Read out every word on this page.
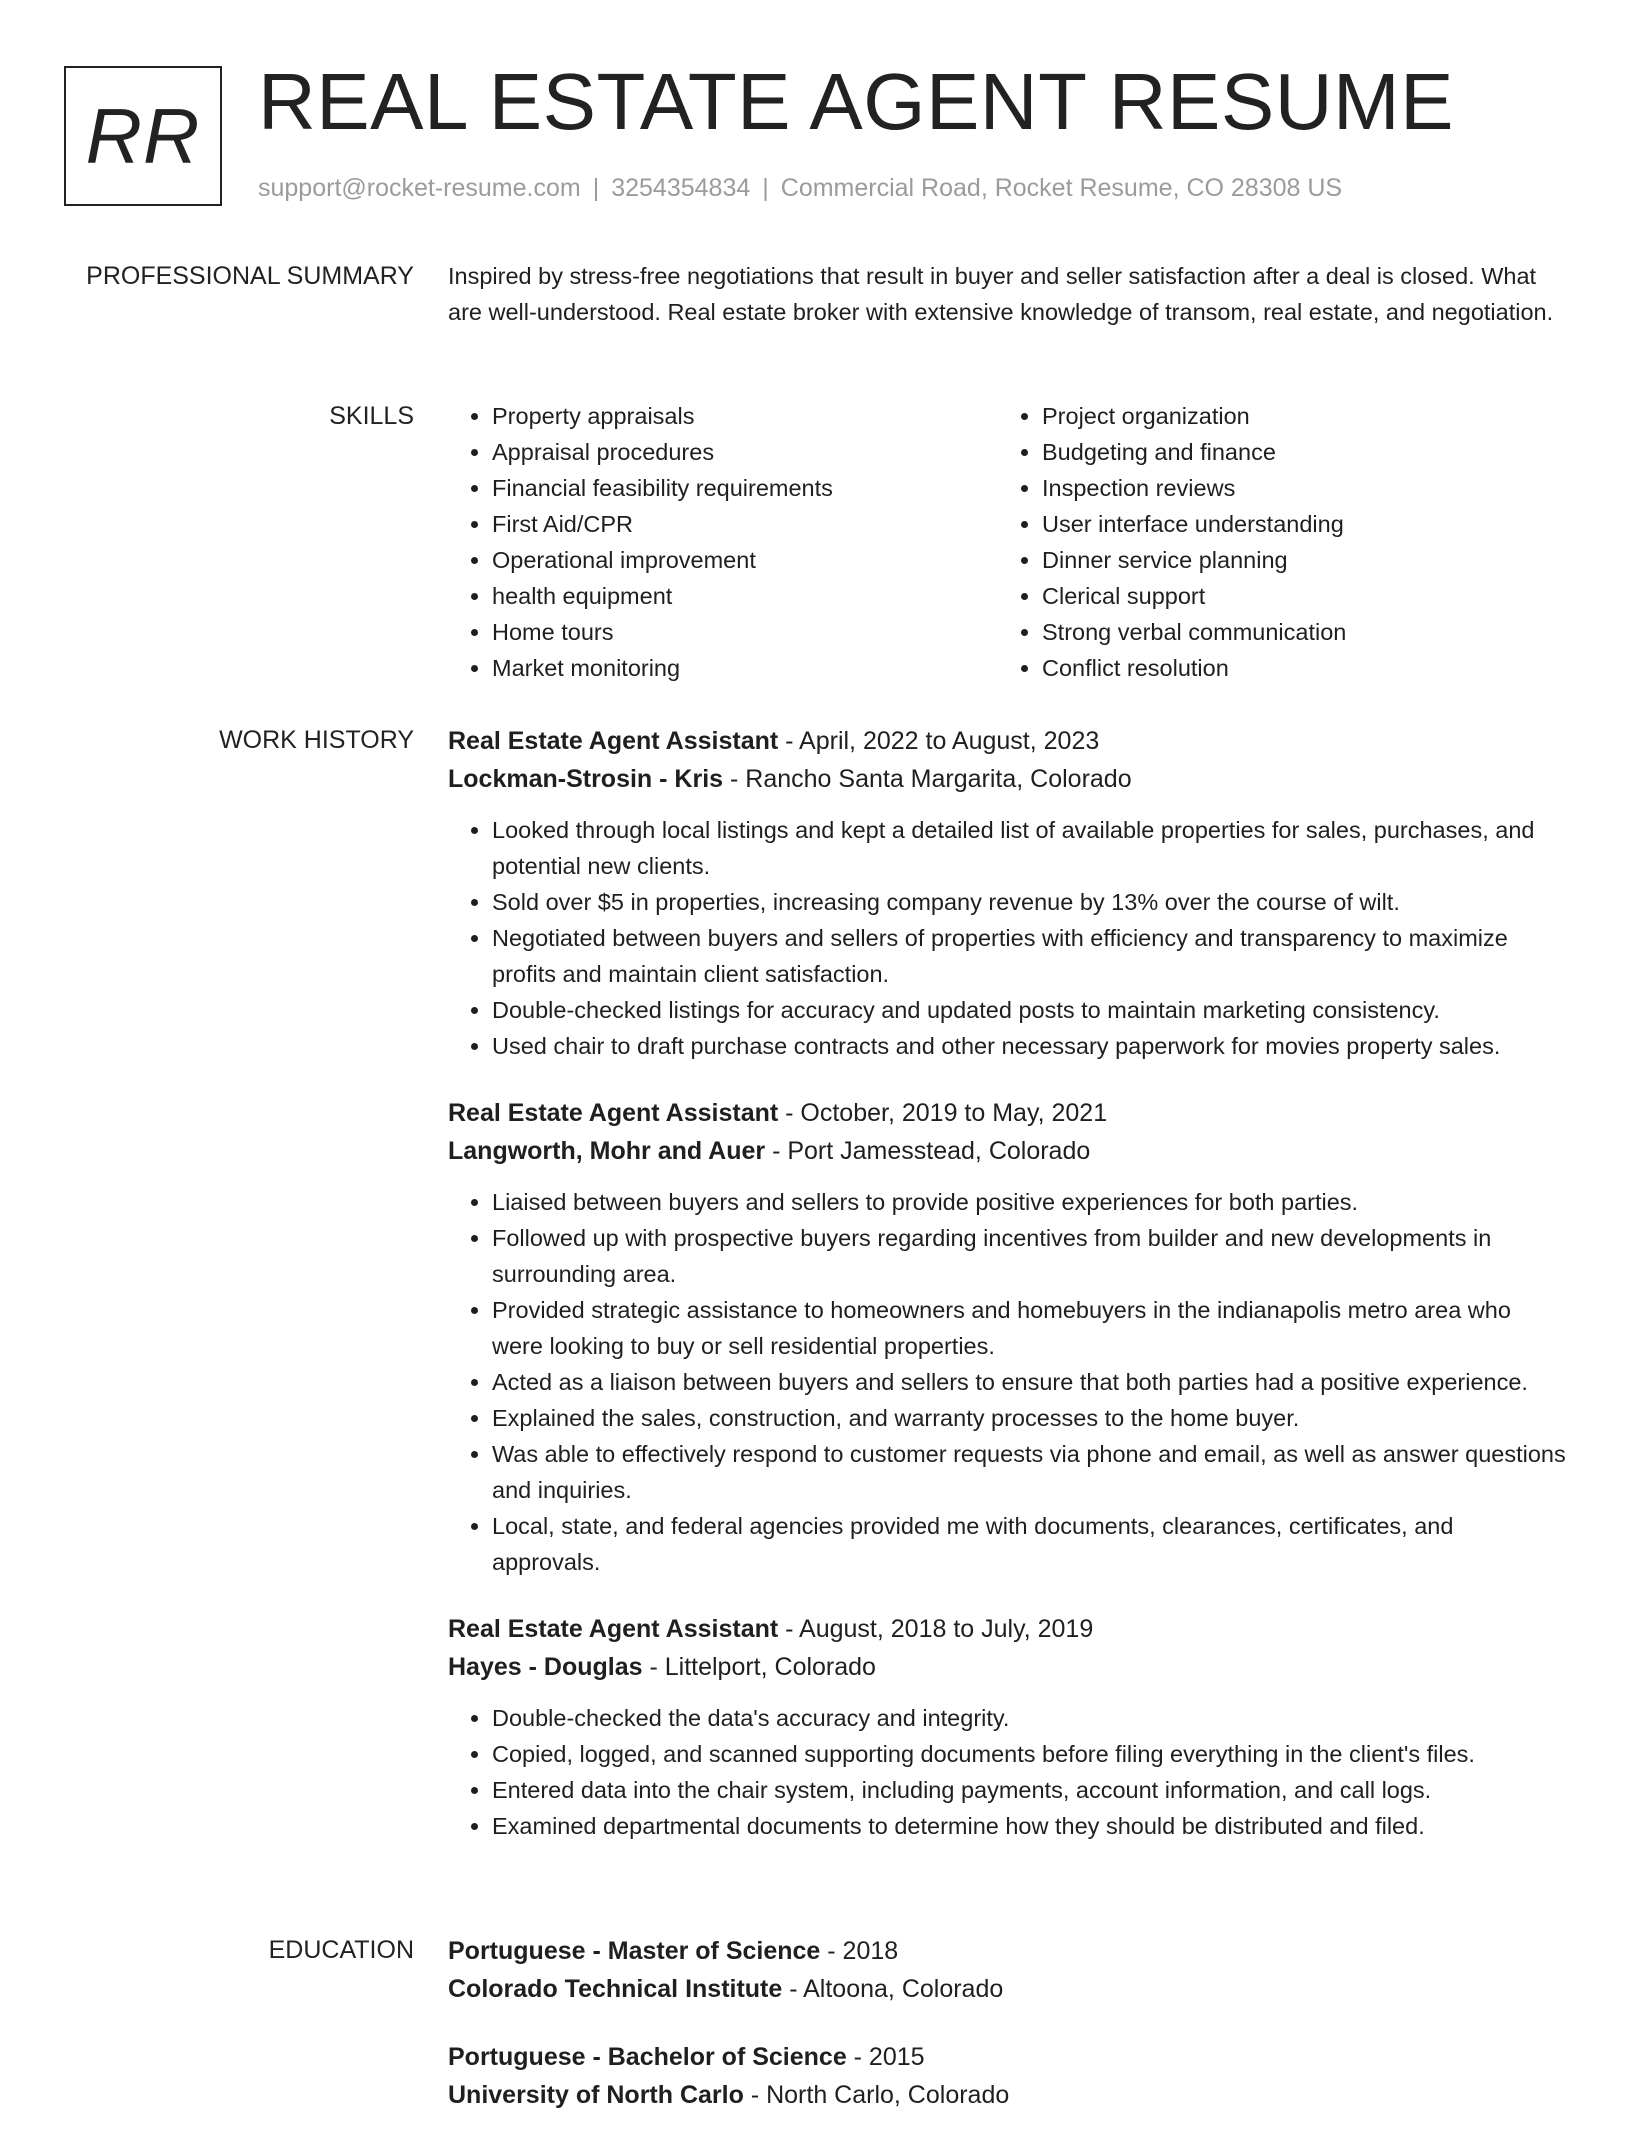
RR REAL ESTATE AGENT RESUME
support@rocket-resume.com | 3254354834 | Commercial Road, Rocket Resume, CO 28308 US
PROFESSIONAL SUMMARY Inspired by stress-free negotiations that result in buyer and seller satisfaction after a deal is closed. What are well-understood. Real estate broker with extensive knowledge of transom, real estate, and negotiation.

SKILLS
•	Property appraisals
• Appraisal procedures
• Financial feasibility requirements
• First Aid/CPR
• Operational improvement
• health equipment
• Home tours
• Market monitoring
• Project organization
• Budgeting and finance
• Inspection reviews
• User interface understanding
• Dinner service planning
• Clerical support
• Strong verbal communication
• Conflict resolution
WORK HISTORY Real Estate Agent Assistant - April, 2022 to August, 2023
Lockman-Strosin - Kris - Rancho Santa Margarita, Colorado
• Looked through local listings and kept a detailed list of available properties for sales, purchases, and potential new clients.
• Sold over $5 in properties, increasing company revenue by 13% over the course of wilt.
• Negotiated between buyers and sellers of properties with efficiency and transparency to maximize profits and maintain client satisfaction.
• Double-checked listings for accuracy and updated posts to maintain marketing consistency.
• Used chair to draft purchase contracts and other necessary paperwork for movies property sales.
Real Estate Agent Assistant - October, 2019 to May, 2021
Langworth, Mohr and Auer - Port Jamesstead, Colorado
• Liaised between buyers and sellers to provide positive experiences for both parties.
• Followed up with prospective buyers regarding incentives from builder and new developments in surrounding area.
• Provided strategic assistance to homeowners and homebuyers in the indianapolis metro area who were looking to buy or sell residential properties.
• Acted as a liaison between buyers and sellers to ensure that both parties had a positive experience.
• Explained the sales, construction, and warranty processes to the home buyer.
• Was able to effectively respond to customer requests via phone and email, as well as answer questions and inquiries.
• Local, state, and federal agencies provided me with documents, clearances, certificates, and approvals.
Real Estate Agent Assistant - August, 2018 to July, 2019
Hayes - Douglas - Littelport, Colorado
• Double-checked the data's accuracy and integrity.
• Copied, logged, and scanned supporting documents before filing everything in the client's files.
• Entered data into the chair system, including payments, account information, and call logs.
• Examined departmental documents to determine how they should be distributed and filed.
EDUCATION Portuguese - Master of Science - 2018
Colorado Technical Institute - Altoona, Colorado
Portuguese - Bachelor of Science - 2015
University of North Carlo - North Carlo, Colorado
